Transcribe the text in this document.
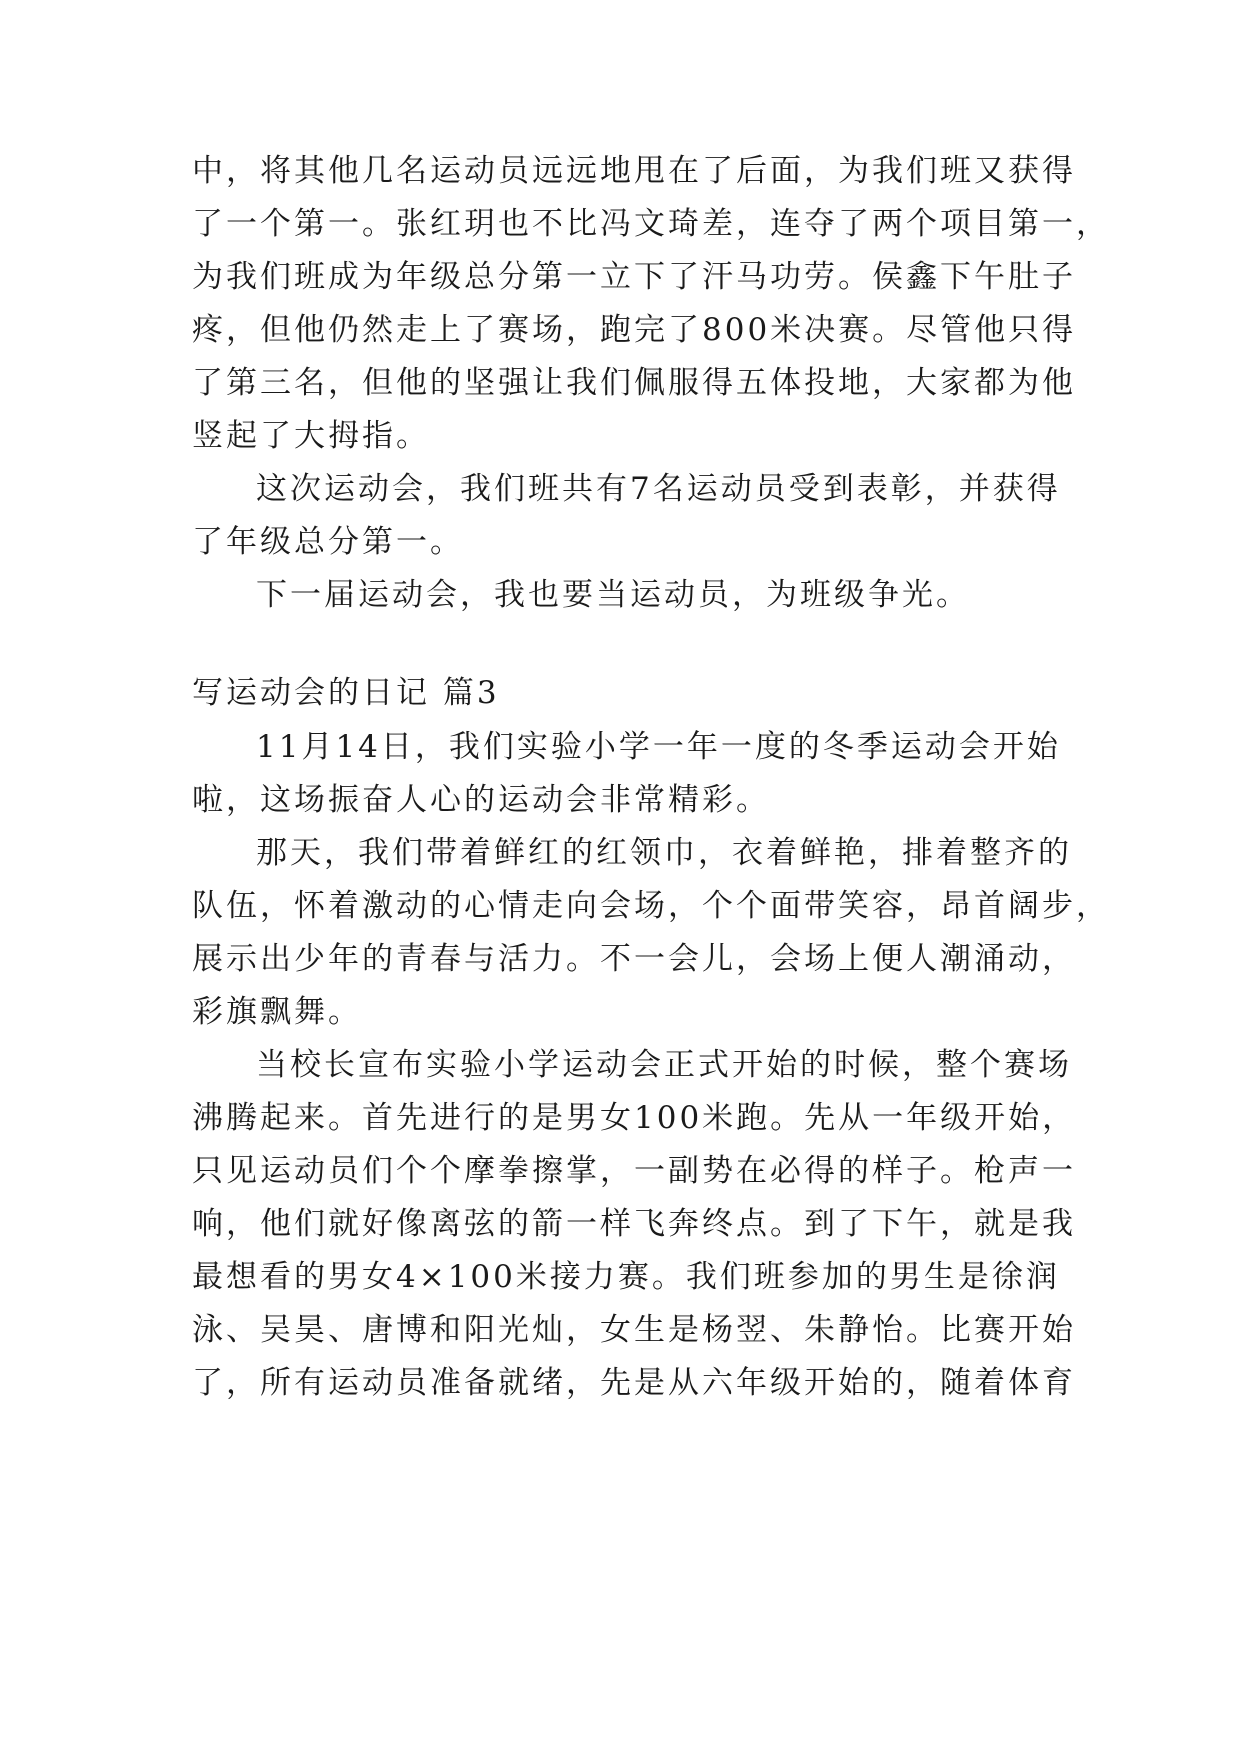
中，将其他几名运动员远远地甩在了后面，为我们班又获得
了一个第一。张红玥也不比冯文琦差，连夺了两个项目第一，
为我们班成为年级总分第一立下了汗马功劳。侯鑫下午肚子
疼，但他仍然走上了赛场，跑完了800米决赛。尽管他只得
了第三名，但他的坚强让我们佩服得五体投地，大家都为他
竖起了大拇指。
这次运动会，我们班共有7名运动员受到表彰，并获得
了年级总分第一。
下一届运动会，我也要当运动员，为班级争光。
写运动会的日记 篇3
11月14日，我们实验小学一年一度的冬季运动会开始
啦，这场振奋人心的运动会非常精彩。
那天，我们带着鲜红的红领巾，衣着鲜艳，排着整齐的
队伍，怀着激动的心情走向会场，个个面带笑容，昂首阔步，
展示出少年的青春与活力。不一会儿，会场上便人潮涌动，
彩旗飘舞。
当校长宣布实验小学运动会正式开始的时候，整个赛场
沸腾起来。首先进行的是男女100米跑。先从一年级开始，
只见运动员们个个摩拳擦掌，一副势在必得的样子。枪声一
响，他们就好像离弦的箭一样飞奔终点。到了下午，就是我
最想看的男女4×100米接力赛。我们班参加的男生是徐润
泳、吴昊、唐博和阳光灿，女生是杨翌、朱静怡。比赛开始
了，所有运动员准备就绪，先是从六年级开始的，随着体育
